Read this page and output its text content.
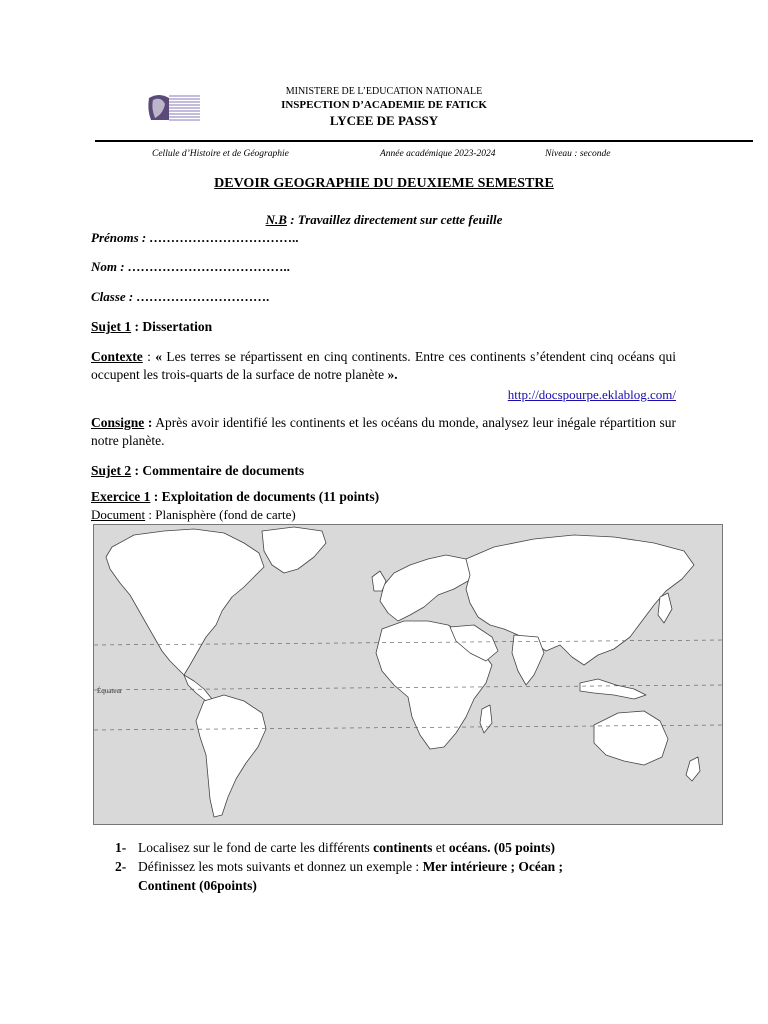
MINISTERE DE L’EDUCATION NATIONALE
INSPECTION D’ACADEMIE DE FATICK
LYCEE DE PASSY
Cellule d’Histoire et de Géographie	Année académique 2023-2024	Niveau : seconde
DEVOIR GEOGRAPHIE DU DEUXIEME SEMESTRE
N.B : Travaillez directement sur cette feuille
Prénoms : ……………………………..
Nom : ………………………………..
Classe : ………………………….
Sujet 1 : Dissertation
Contexte : « Les terres se répartissent en cinq continents. Entre ces continents s’étendent cinq océans qui occupent les trois-quarts de la surface de notre planète ».
http://docspourpe.eklablog.com/
Consigne : Après avoir identifié les continents et les océans du monde, analysez leur inégale répartition sur notre planète.
Sujet 2 : Commentaire de documents
Exercice 1 : Exploitation de documents (11 points)
Document : Planisphère (fond de carte)
Équateur
1- Localisez sur le fond de carte les différents continents et océans. (05 points)
2- Définissez les mots suivants et donnez un exemple : Mer intérieure ; Océan ;
Continent (06points)
